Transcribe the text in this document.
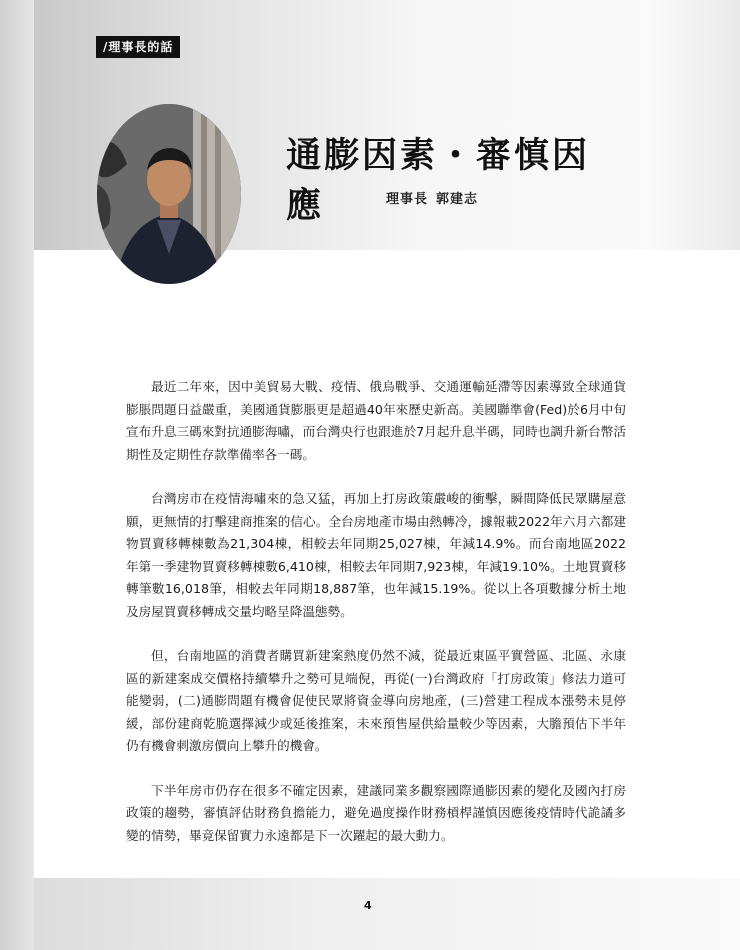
/理事長的話
通膨因素・審慎因應	理事長 郭建志

最近二年來，因中美貿易大戰、疫情、俄烏戰爭、交通運輸延滯等因素導致全球通貨膨脹問題日益嚴重，美國通貨膨脹更是超過40年來歷史新高。美國聯準會(Fed)於6月中旬宣布升息三碼來對抗通膨海嘯，而台灣央行也跟進於7月起升息半碼，同時也調升新台幣活期性及定期性存款準備率各一碼。

台灣房市在疫情海嘯來的急又猛，再加上打房政策嚴峻的衝擊，瞬間降低民眾購屋意願，更無情的打擊建商推案的信心。全台房地產市場由熱轉冷，據報載2022年六月六都建物買賣移轉棟數為21,304棟，相較去年同期25,027棟，年減14.9%。而台南地區2022年第一季建物買賣移轉棟數6,410棟，相較去年同期7,923棟，年減19.10%。土地買賣移轉筆數16,018筆，相較去年同期18,887筆，也年減15.19%。從以上各項數據分析土地及房屋買賣移轉成交量均略呈降溫態勢。

但，台南地區的消費者購買新建案熱度仍然不減，從最近東區平實營區、北區、永康區的新建案成交價格持續攀升之勢可見端倪，再從(一)台灣政府「打房政策」修法力道可能變弱，(二)通膨問題有機會促使民眾將資金導向房地產，(三)營建工程成本漲勢未見停緩，部份建商乾脆選擇減少或延後推案，未來預售屋供給量較少等因素，大膽預估下半年仍有機會刺激房價向上攀升的機會。

下半年房市仍存在很多不確定因素，建議同業多觀察國際通膨因素的變化及國內打房政策的趨勢，審慎評估財務負擔能力，避免過度操作財務槓桿謹慎因應後疫情時代詭譎多變的情勢，畢竟保留實力永遠都是下一次躍起的最大動力。

4
